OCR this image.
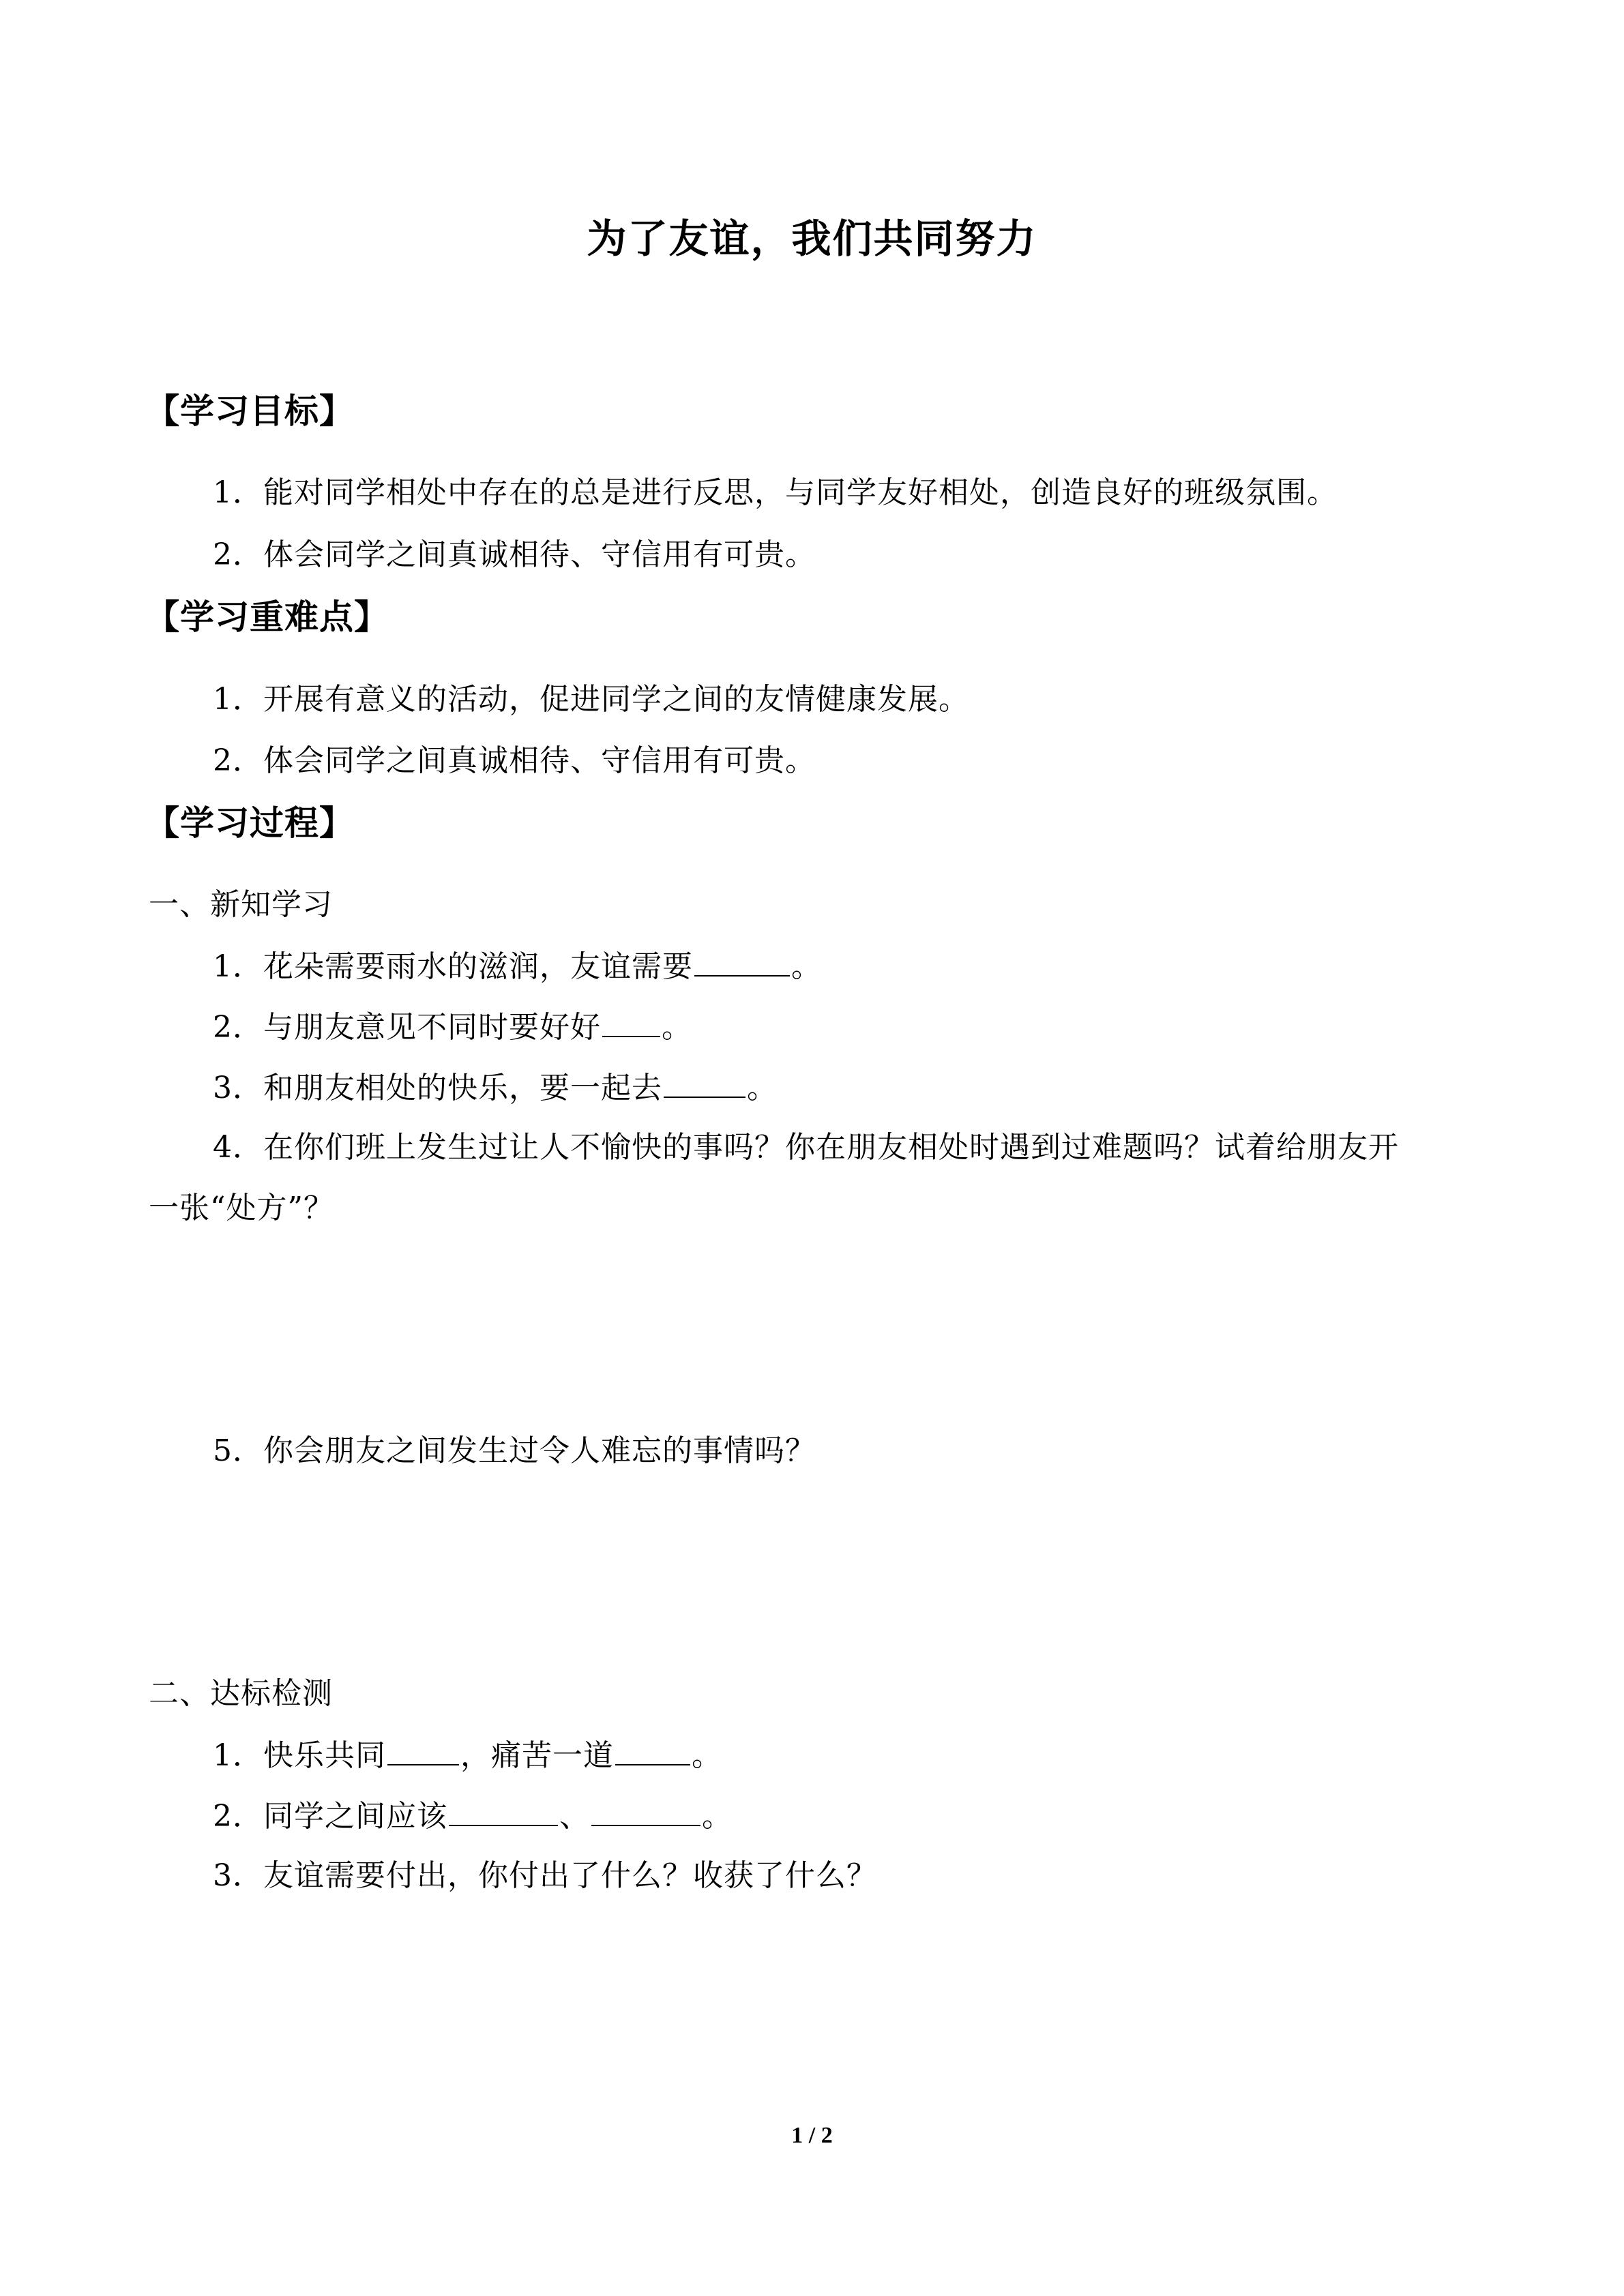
为了友谊，我们共同努力
【学习目标】
1．能对同学相处中存在的总是进行反思，与同学友好相处，创造良好的班级氛围。
2．体会同学之间真诚相待、守信用有可贵。
【学习重难点】
1．开展有意义的活动，促进同学之间的友情健康发展。
2．体会同学之间真诚相待、守信用有可贵。
【学习过程】
一、新知学习
1．花朵需要雨水的滋润，友谊需要	。
2．与朋友意见不同时要好好 。
3．和朋友相处的快乐，要一起去	。
4．在你们班上发生过让人不愉快的事吗？你在朋友相处时遇到过难题吗？试着给朋友开
一张“处方”？
5．你会朋友之间发生过令人难忘的事情吗？
二、达标检测
1．快乐共同 ，痛苦一道	。
2．同学之间应该	、	。
3．友谊需要付出，你付出了什么？收获了什么？
1 / 2
